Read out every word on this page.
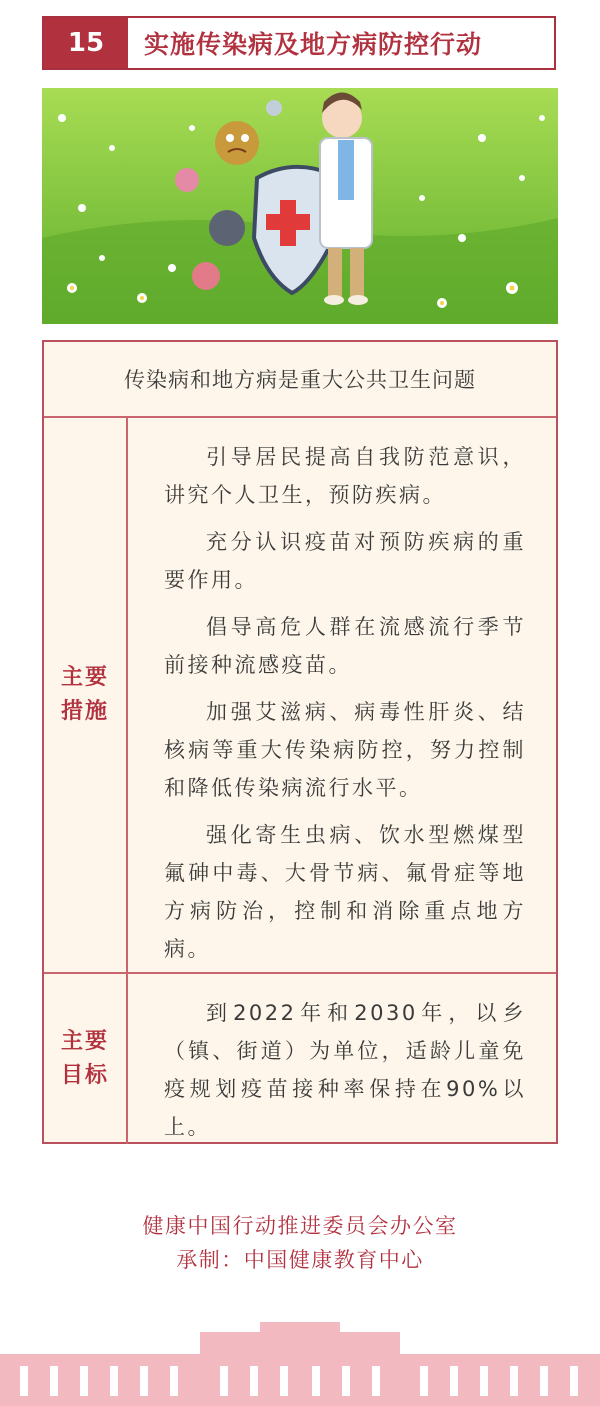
15	实施传染病及地方病防控行动
传染病和地方病是重大公共卫生问题
主要措施

引导居民提高自我防范意识，讲究个人卫生，预防疾病。

充分认识疫苗对预防疾病的重要作用。

倡导高危人群在流感流行季节前接种流感疫苗。

加强艾滋病、病毒性肝炎、结核病等重大传染病防控，努力控制和降低传染病流行水平。

强化寄生虫病、饮水型燃煤型氟砷中毒、大骨节病、氟骨症等地方病防治，控制和消除重点地方病。

主要目标

到2022年和2030年，以乡（镇、街道）为单位，适龄儿童免疫规划疫苗接种率保持在90%以上。

健康中国行动推进委员会办公室
承制：中国健康教育中心
